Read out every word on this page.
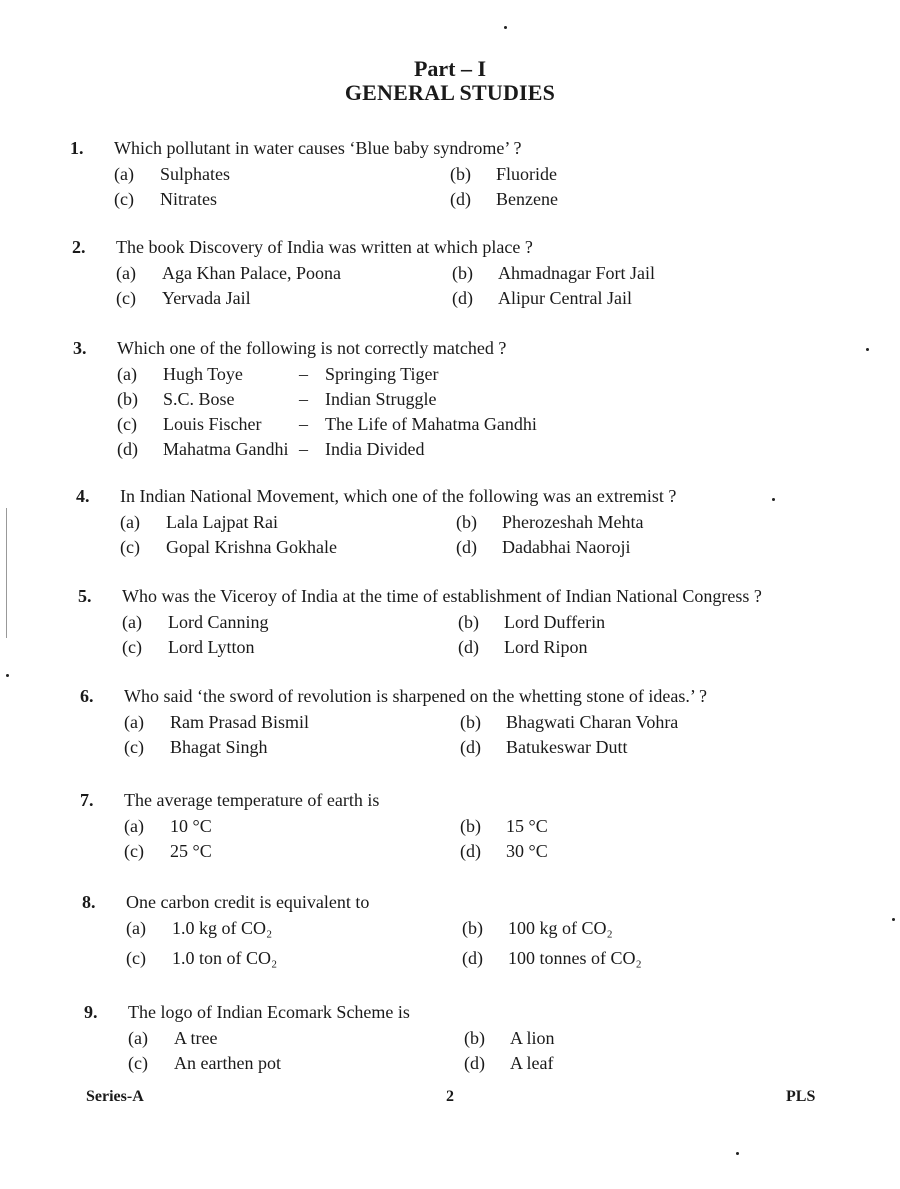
Part – I
GENERAL STUDIES
1.	Which pollutant in water causes ‘Blue baby syndrome’ ?
(a)	Sulphates	(b)	Fluoride
(c)	Nitrates	(d)	Benzene
2.	The book Discovery of India was written at which place ?
(a)	Aga Khan Palace, Poona	(b)	Ahmadnagar Fort Jail
(c)	Yervada Jail	(d)	Alipur Central Jail
3.	Which one of the following is not correctly matched ?
(a)	Hugh Toye	– Springing Tiger
(b)	S.C. Bose	– Indian Struggle
(c)	Louis Fischer	– The Life of Mahatma Gandhi
(d)	Mahatma Gandhi – India Divided
4.	In Indian National Movement, which one of the following was an extremist ?
(a)	Lala Lajpat Rai	(b)	Pherozeshah Mehta
(c)	Gopal Krishna Gokhale	(d)	Dadabhai Naoroji
5.	Who was the Viceroy of India at the time of establishment of Indian National Congress ?
(a)	Lord Canning	(b)	Lord Dufferin
(c)	Lord Lytton	(d)	Lord Ripon
6.	Who said ‘the sword of revolution is sharpened on the whetting stone of ideas.’ ?
(a)	Ram Prasad Bismil	(b)	Bhagwati Charan Vohra
(c)	Bhagat Singh	(d)	Batukeswar Dutt
7.	The average temperature of earth is
(a)	10 °C	(b)	15 °C
(c)	25 °C	(d)	30 °C
8.	One carbon credit is equivalent to
(a)	1.0 kg of CO₂	(b)	100 kg of CO₂
(c)	1.0 ton of CO₂	(d)	100 tonnes of CO₂
9.	The logo of Indian Ecomark Scheme is
(a)	A tree	(b)	A lion
(c)	An earthen pot	(d)	A leaf
Series-A	2	PLS
